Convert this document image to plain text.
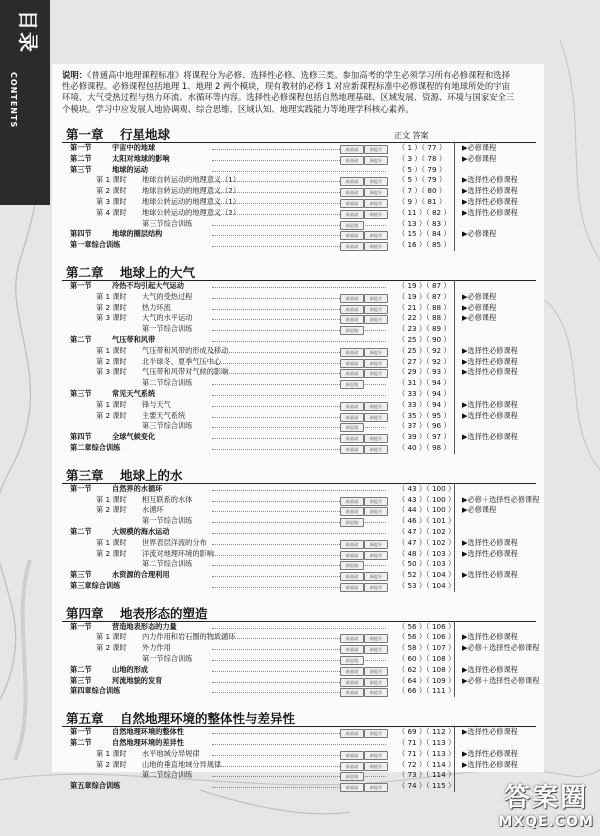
目录
CONTENTS	说明：《普通高中地理课程标准》将课程分为必修、选择性必修、选修三类。参加高考的学生必须学习所有必修课程和选择
性必修课程。必修课程包括地理 1、地理 2 两个模块，现有教材的必修 1 对应新课程标准中必修课程的有地球所处的宇宙
环境、大气受热过程与热力环流、水循环等内容。选择性必修课程包括自然地理基础、区域发展、资源、环境与国家安全三
个模块。学习中应发展人地协调观、综合思维、区域认知、地理实践能力等地理学科核心素养。
第一章 行星地球	正文 答案
第一节	宇宙中的地球	新基础	新提升	（ 1 ）（ 77 ）	▶必修课程
第二节	太阳对地球的影响	新基础	新提升	（ 3 ）（ 78 ）	▶必修课程
第三节	地球的运动	（ 5 ）（ 79 ）
第 1 课时 地球自转运动的地理意义（1）	新基础	新提升	（ 5 ）（ 79 ）	▶选择性必修课程
第 2 课时 地球自转运动的地理意义（2）	新基础	新提升	（ 7 ）（ 80 ）	▶选择性必修课程
第 3 课时 地球公转运动的地理意义（1）	新基础	新提升	（ 9 ）（ 81 ）	▶选择性必修课程
第 4 课时 地球公转运动的地理意义（2）	新基础	新提升	（ 11 ）（ 82 ） ▶选择性必修课程
第三节综合训练	新思路	（ 13 ）（ 83 ）
第四节	地球的圈层结构	新基础	新提升	（ 15 ）（ 84 ） ▶必修课程
第一章综合训练	新基础	新提升	（ 16 ）（ 85 ）
第二章 地球上的大气
第一节	冷热不均引起大气运动	（ 19 ）（ 87 ）
第 1 课时 大气的受热过程	新基础	新提升	（ 19 ）（ 87 ） ▶必修课程
第 2 课时 热力环流	新基础	新提升	（ 21 ）（ 88 ） ▶必修课程
第 3 课时 大气的水平运动	新基础	新提升	（ 22 ）（ 88 ） ▶必修课程
第一节综合训练	新思路	（ 23 ）（ 89 ）
第二节	气压带和风带	（ 25 ）（ 90 ）
第 1 课时 气压带和风带的形成及移动	新基础	新提升	（ 25 ）（ 92 ） ▶选择性必修课程
第 2 课时 北半球冬、夏季气压中心	新基础	新提升	（ 27 ）（ 92 ） ▶选择性必修课程
第 3 课时 气压带和风带对气候的影响	新基础	新提升	（ 29 ）（ 93 ） ▶选择性必修课程
第二节综合训练	新思路	（ 31 ）（ 94 ）
第三节	常见天气系统	（ 33 ）（ 94 ）
第 1 课时 锋与天气	新基础	新提升	（ 33 ）（ 94 ） ▶选择性必修课程
第 2 课时 主要天气系统	新基础	新提升	（ 35 ）（ 95 ） ▶选择性必修课程
第三节综合训练	新思路	（ 37 ）（ 96 ）
第四节	全球气候变化	新基础	新提升	（ 39 ）（ 97 ） ▶选择性必修课程
第二章综合训练	新基础	新提升	（ 40 ）（ 98 ）
第三章 地球上的水
第一节	自然界的水循环	（ 43 ）（ 100 ）
第 1 课时 相互联系的水体	新基础	新提升	（ 43 ）（ 100 ） ▶必修＋选择性必修课程
第 2 课时 水循环	新基础	新提升	（ 44 ）（ 100 ） ▶必修课程
第一节综合训练	新思路	（ 46 ）（ 101 ）
第二节	大规模的海水运动	（ 47 ）（ 102 ）
第 1 课时 世界表层洋流的分布	新基础	新提升	（ 47 ）（ 102 ） ▶选择性必修课程
第 2 课时 洋流对地理环境的影响	新基础	新提升	（ 48 ）（ 103 ） ▶选择性必修课程
第二节综合训练	新思路	（ 50 ）（ 103 ）
第三节	水资源的合理利用	新基础	新提升	（ 52 ）（ 104 ） ▶选择性必修课程
第三章综合训练	新基础	新提升	（ 53 ）（ 104 ）
第四章 地表形态的塑造
第一节	营造地表形态的力量	（ 56 ）（ 106 ）
第 1 课时 内力作用和岩石圈的物质循环	新基础	新提升	（ 56 ）（ 106 ） ▶选择性必修课程
第 2 课时 外力作用	新基础	新提升	（ 58 ）（ 107 ） ▶必修＋选择性必修课程
第一节综合训练	新思路	（ 60 ）（ 108 ）
第二节	山地的形成	新基础	新提升	（ 62 ）（ 108 ） ▶选择性必修课程
第三节	河流地貌的发育	新基础	新提升	（ 64 ）（ 109 ） ▶必修＋选择性必修课程
第四章综合训练	新基础	新提升	（ 66 ）（ 111 ）
第五章 自然地理环境的整体性与差异性
第一节	自然地理环境的整体性	新基础	新提升	（ 69 ）（ 112 ） ▶选择性必修课程
第二节	自然地理环境的差异性	（ 71 ）（ 113 ）
第 1 课时 水平地域分异规律	新基础	新提升	（ 71 ）（ 113 ） ▶选择性必修课程
第 2 课时 山地的垂直地域分异规律	新基础	新提升	（ 72 ）（ 114 ） ▶选择性必修课程
第二节综合训练	新思路	（ 73 ）（ 114 ）
第五章综合训练	新基础	新提升	（ 74 ）（ 115 ） 答案圈
MXQE.COM
